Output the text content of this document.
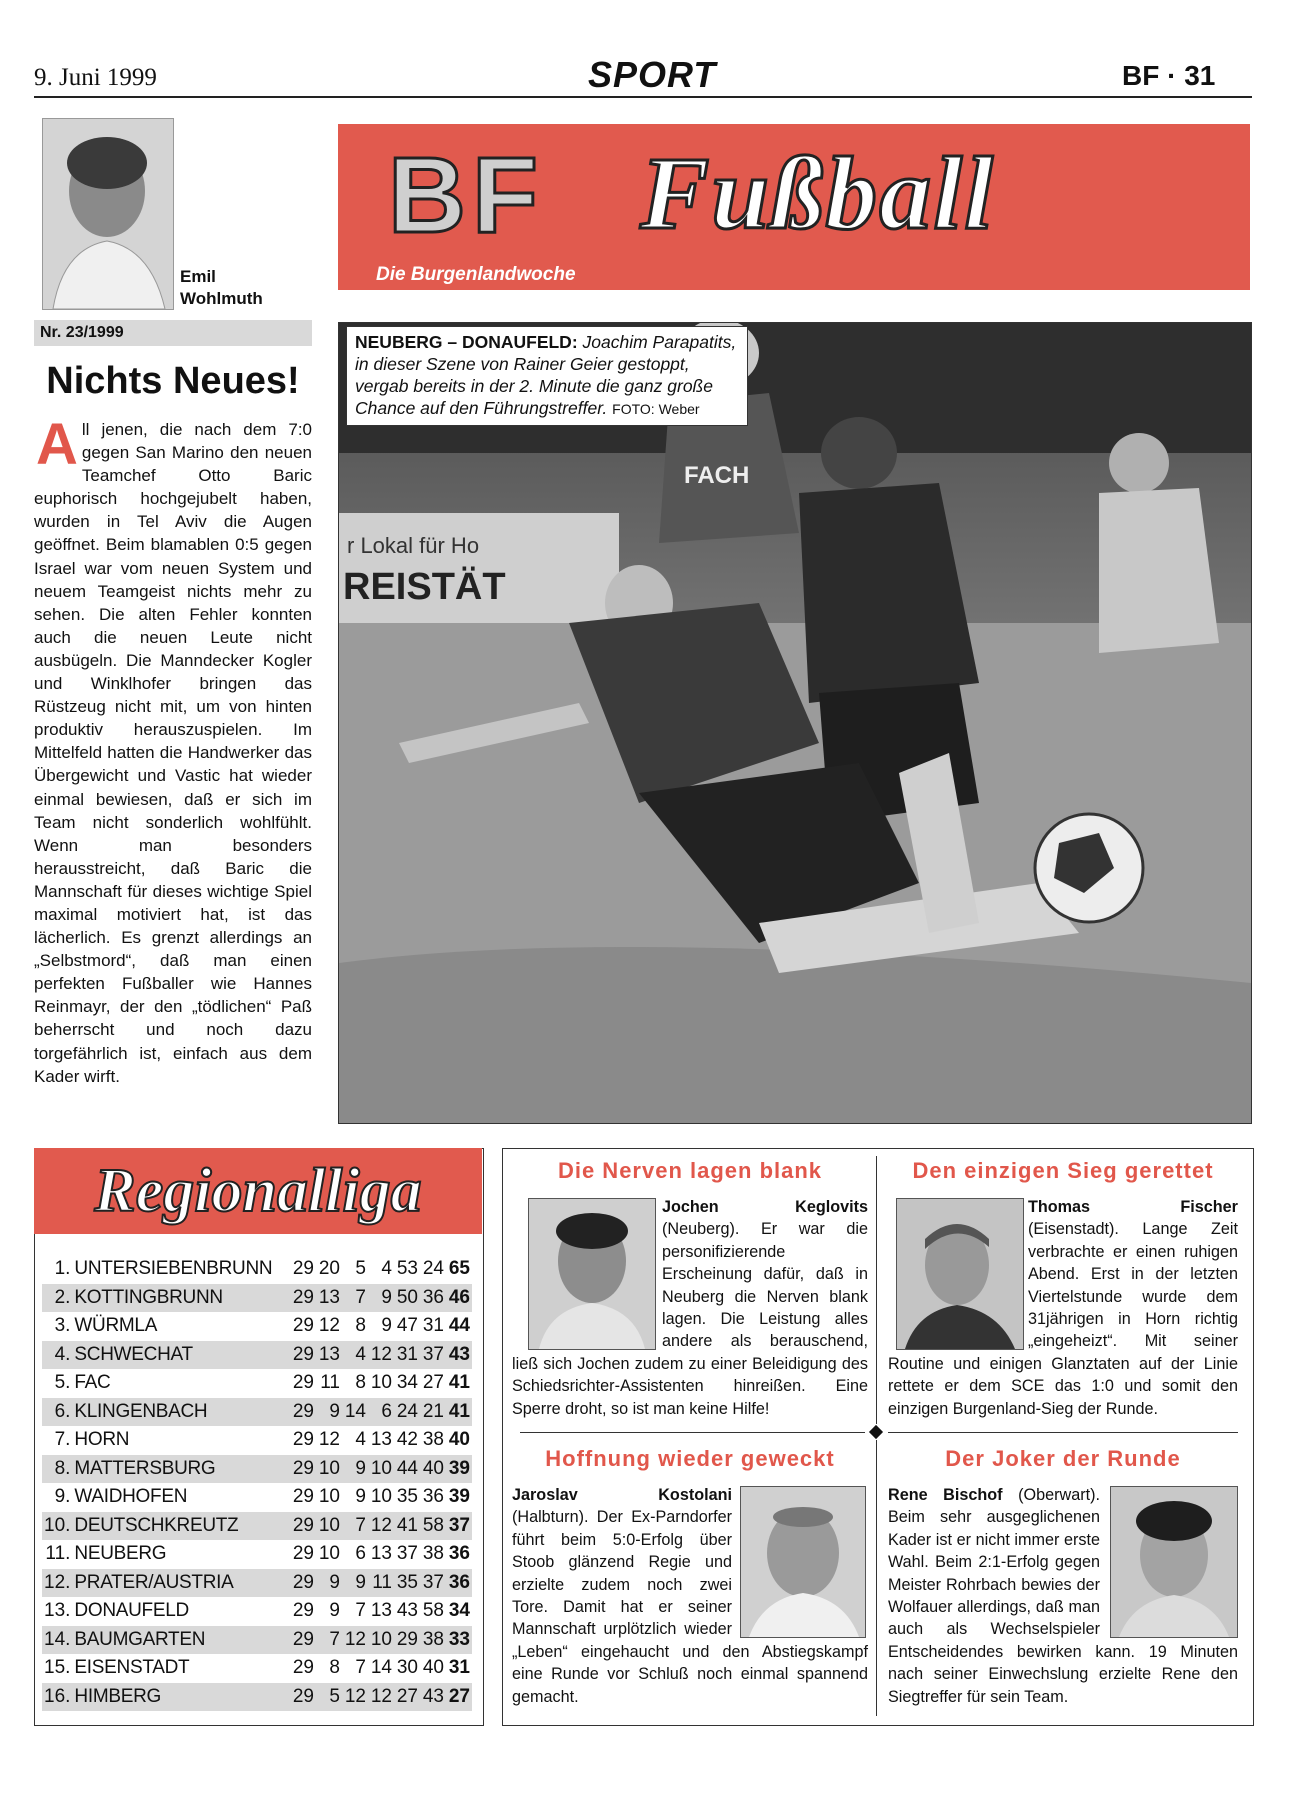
9. Juni 1999	SPORT	BF · 31
Emil Wohlmuth
Nr. 23/1999
Nichts Neues!
All jenen, die nach dem 7:0 gegen San Marino den neuen Teamchef Otto Baric euphorisch hochgejubelt haben, wurden in Tel Aviv die Augen geöffnet. Beim blamablen 0:5 gegen Israel war vom neuen System und neuem Teamgeist nichts mehr zu sehen. Die alten Fehler konnten auch die neuen Leute nicht ausbügeln. Die Manndecker Kogler und Winklhofer bringen das Rüstzeug nicht mit, um von hinten produktiv herauszuspielen. Im Mittelfeld hatten die Handwerker das Übergewicht und Vastic hat wieder einmal bewiesen, daß er sich im Team nicht sonderlich wohlfühlt. Wenn man besonders herausstreicht, daß Baric die Mannschaft für dieses wichtige Spiel maximal motiviert hat, ist das lächerlich. Es grenzt allerdings an „Selbstmord“, daß man einen perfekten Fußballer wie Hannes Reinmayr, der den „tödlichen“ Paß beherrscht und noch dazu torgefährlich ist, einfach aus dem Kader wirft.
BF Fußball
Die Burgenlandwoche
r Lokal für Ho
REISTÄT
FACH
NEUBERG – DONAUFELD: Joachim Parapatits, in dieser Szene von Rainer Geier gestoppt, vergab bereits in der 2. Minute die ganz große Chance auf den Führungstreffer. FOTO: Weber
Regionalliga
1.	UNTERSIEBENBRUNN	29	20	5	4	53	24	65
2.	KOTTINGBRUNN	29	13	7	9	50	36	46
3.	WÜRMLA	29	12	8	9	47	31	44
4.	SCHWECHAT	29	13	4	12	31	37	43
5.	FAC	29	11	8	10	34	27	41
6.	KLINGENBACH	29	9	14	6	24	21	41
7.	HORN	29	12	4	13	42	38	40
8.	MATTERSBURG	29	10	9	10	44	40	39
9.	WAIDHOFEN	29	10	9	10	35	36	39
10.	DEUTSCHKREUTZ	29	10	7	12	41	58	37
11.	NEUBERG	29	10	6	13	37	38	36
12.	PRATER/AUSTRIA	29	9	9	11	35	37	36
13.	DONAUFELD	29	9	7	13	43	58	34
14.	BAUMGARTEN	29	7	12	10	29	38	33
15.	EISENSTADT	29	8	7	14	30	40	31
16.	HIMBERG	29	5	12	12	27	43	27
Die Nerven lagen blank
Jochen Keglovits (Neuberg). Er war die personifizierende Erscheinung dafür, daß in Neuberg die Nerven blank lagen. Die Leistung alles andere als berauschend, ließ sich Jochen zudem zu einer Beleidigung des Schiedsrichter-Assistenten hinreißen. Eine Sperre droht, so ist man keine Hilfe!
Den einzigen Sieg gerettet
Thomas Fischer (Eisenstadt). Lange Zeit verbrachte er einen ruhigen Abend. Erst in der letzten Viertelstunde wurde dem 31jährigen in Horn richtig „eingeheizt“. Mit seiner Routine und einigen Glanztaten auf der Linie rettete er dem SCE das 1:0 und somit den einzigen Burgenland-Sieg der Runde.
Hoffnung wieder geweckt
Jaroslav Kostolani (Halbturn). Der Ex-Parndorfer führt beim 5:0-Erfolg über Stoob glänzend Regie und erzielte zudem noch zwei Tore. Damit hat er seiner Mannschaft urplötzlich wieder „Leben“ eingehaucht und den Abstiegskampf eine Runde vor Schluß noch einmal spannend gemacht.
Der Joker der Runde
Rene Bischof (Oberwart). Beim sehr ausgeglichenen Kader ist er nicht immer erste Wahl. Beim 2:1-Erfolg gegen Meister Rohrbach bewies der Wolfauer allerdings, daß man auch als Wechselspieler Entscheidendes bewirken kann. 19 Minuten nach seiner Einwechslung erzielte Rene den Siegtreffer für sein Team.
